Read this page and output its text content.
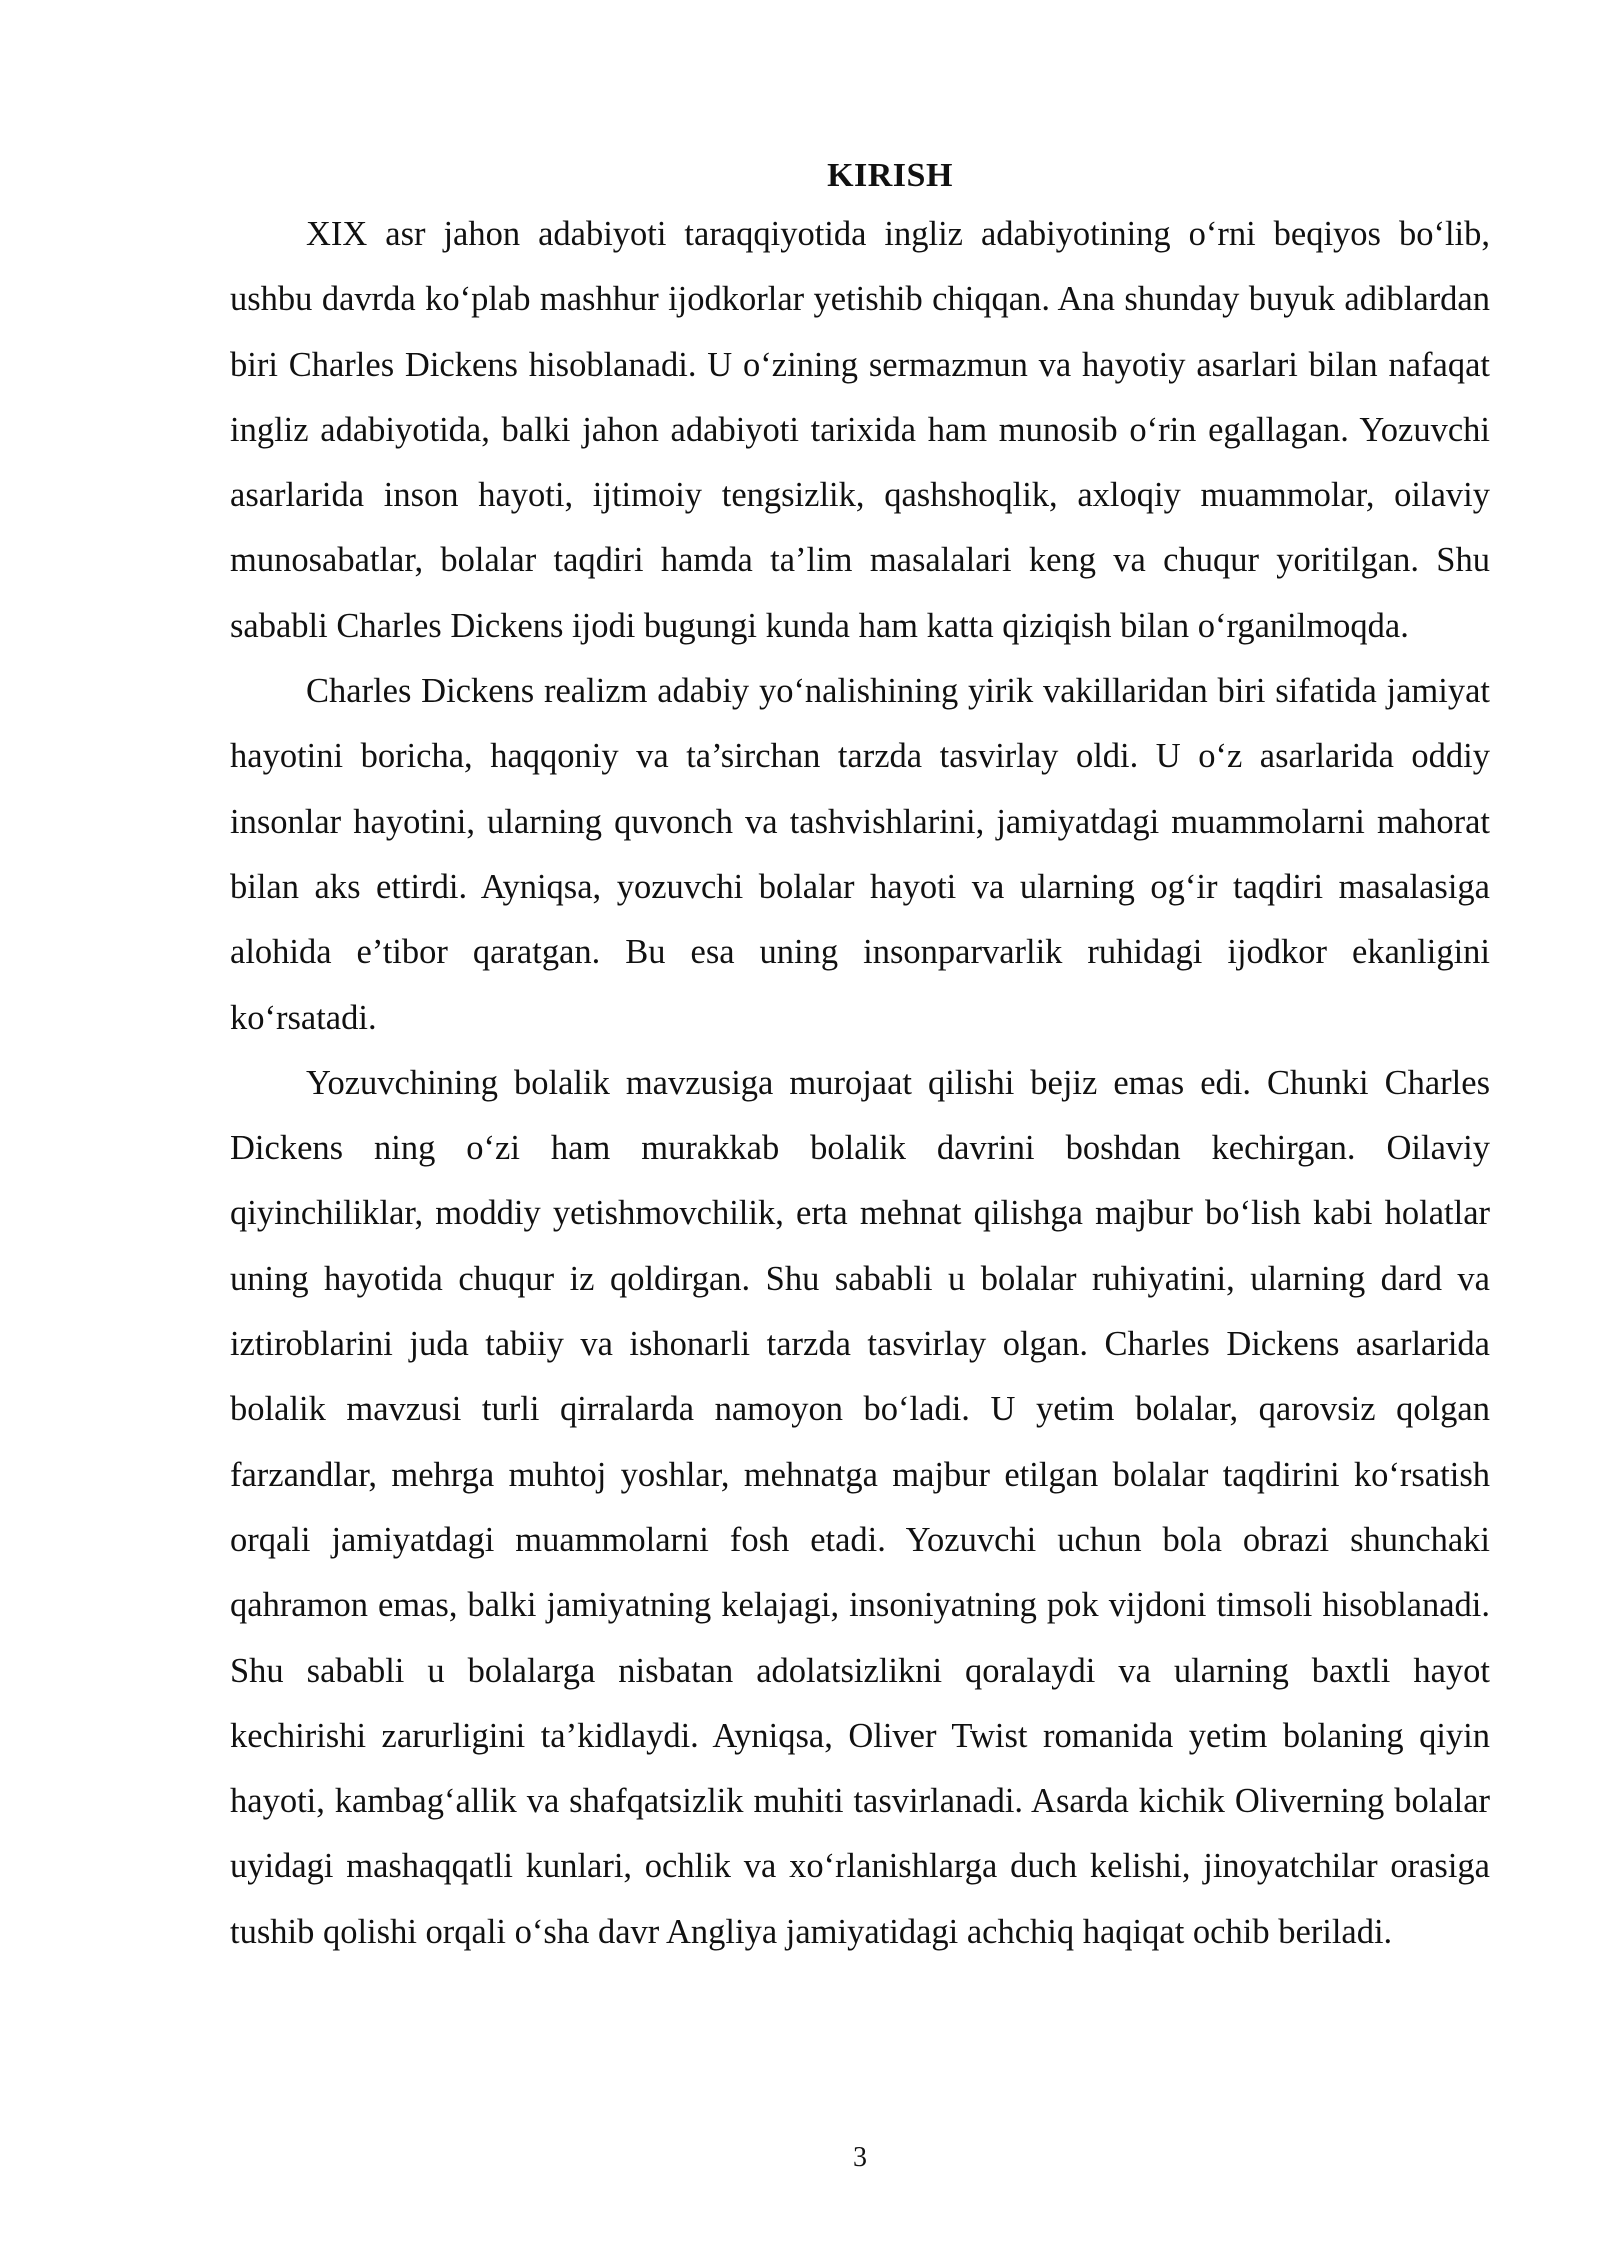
KIRISH

XIX asr jahon adabiyoti taraqqiyotida ingliz adabiyotining o‘rni beqiyos bo‘lib, ushbu davrda ko‘plab mashhur ijodkorlar yetishib chiqqan. Ana shunday buyuk adiblardan biri Charles Dickens hisoblanadi. U o‘zining sermazmun va hayotiy asarlari bilan nafaqat ingliz adabiyotida, balki jahon adabiyoti tarixida ham munosib o‘rin egallagan. Yozuvchi asarlarida inson hayoti, ijtimoiy tengsizlik, qashshoqlik, axloqiy muammolar, oilaviy munosabatlar, bolalar taqdiri hamda ta’lim masalalari keng va chuqur yoritilgan. Shu sababli Charles Dickens ijodi bugungi kunda ham katta qiziqish bilan o‘rganilmoqda.

Charles Dickens realizm adabiy yo‘nalishining yirik vakillaridan biri sifatida jamiyat hayotini boricha, haqqoniy va ta’sirchan tarzda tasvirlay oldi. U o‘z asarlarida oddiy insonlar hayotini, ularning quvonch va tashvishlarini, jamiyatdagi muammolarni mahorat bilan aks ettirdi. Ayniqsa, yozuvchi bolalar hayoti va ularning og‘ir taqdiri masalasiga alohida e’tibor qaratgan. Bu esa uning insonparvarlik ruhidagi ijodkor ekanligini ko‘rsatadi.

Yozuvchining bolalik mavzusiga murojaat qilishi bejiz emas edi. Chunki Charles Dickens ning o‘zi ham murakkab bolalik davrini boshdan kechirgan. Oilaviy qiyinchiliklar, moddiy yetishmovchilik, erta mehnat qilishga majbur bo‘lish kabi holatlar uning hayotida chuqur iz qoldirgan. Shu sababli u bolalar ruhiyatini, ularning dard va iztiroblarini juda tabiiy va ishonarli tarzda tasvirlay olgan. Charles Dickens asarlarida bolalik mavzusi turli qirralarda namoyon bo‘ladi. U yetim bolalar, qarovsiz qolgan farzandlar, mehrga muhtoj yoshlar, mehnatga majbur etilgan bolalar taqdirini ko‘rsatish orqali jamiyatdagi muammolarni fosh etadi. Yozuvchi uchun bola obrazi shunchaki qahramon emas, balki jamiyatning kelajagi, insoniyatning pok vijdoni timsoli hisoblanadi. Shu sababli u bolalarga nisbatan adolatsizlikni qoralaydi va ularning baxtli hayot kechirishi zarurligini ta’kidlaydi. Ayniqsa, Oliver Twist romanida yetim bolaning qiyin hayoti, kambag‘allik va shafqatsizlik muhiti tasvirlanadi. Asarda kichik Oliverning bolalar uyidagi mashaqqatli kunlari, ochlik va xo‘rlanishlarga duch kelishi, jinoyatchilar orasiga tushib qolishi orqali o‘sha davr Angliya jamiyatidagi achchiq haqiqat ochib beriladi.

3
